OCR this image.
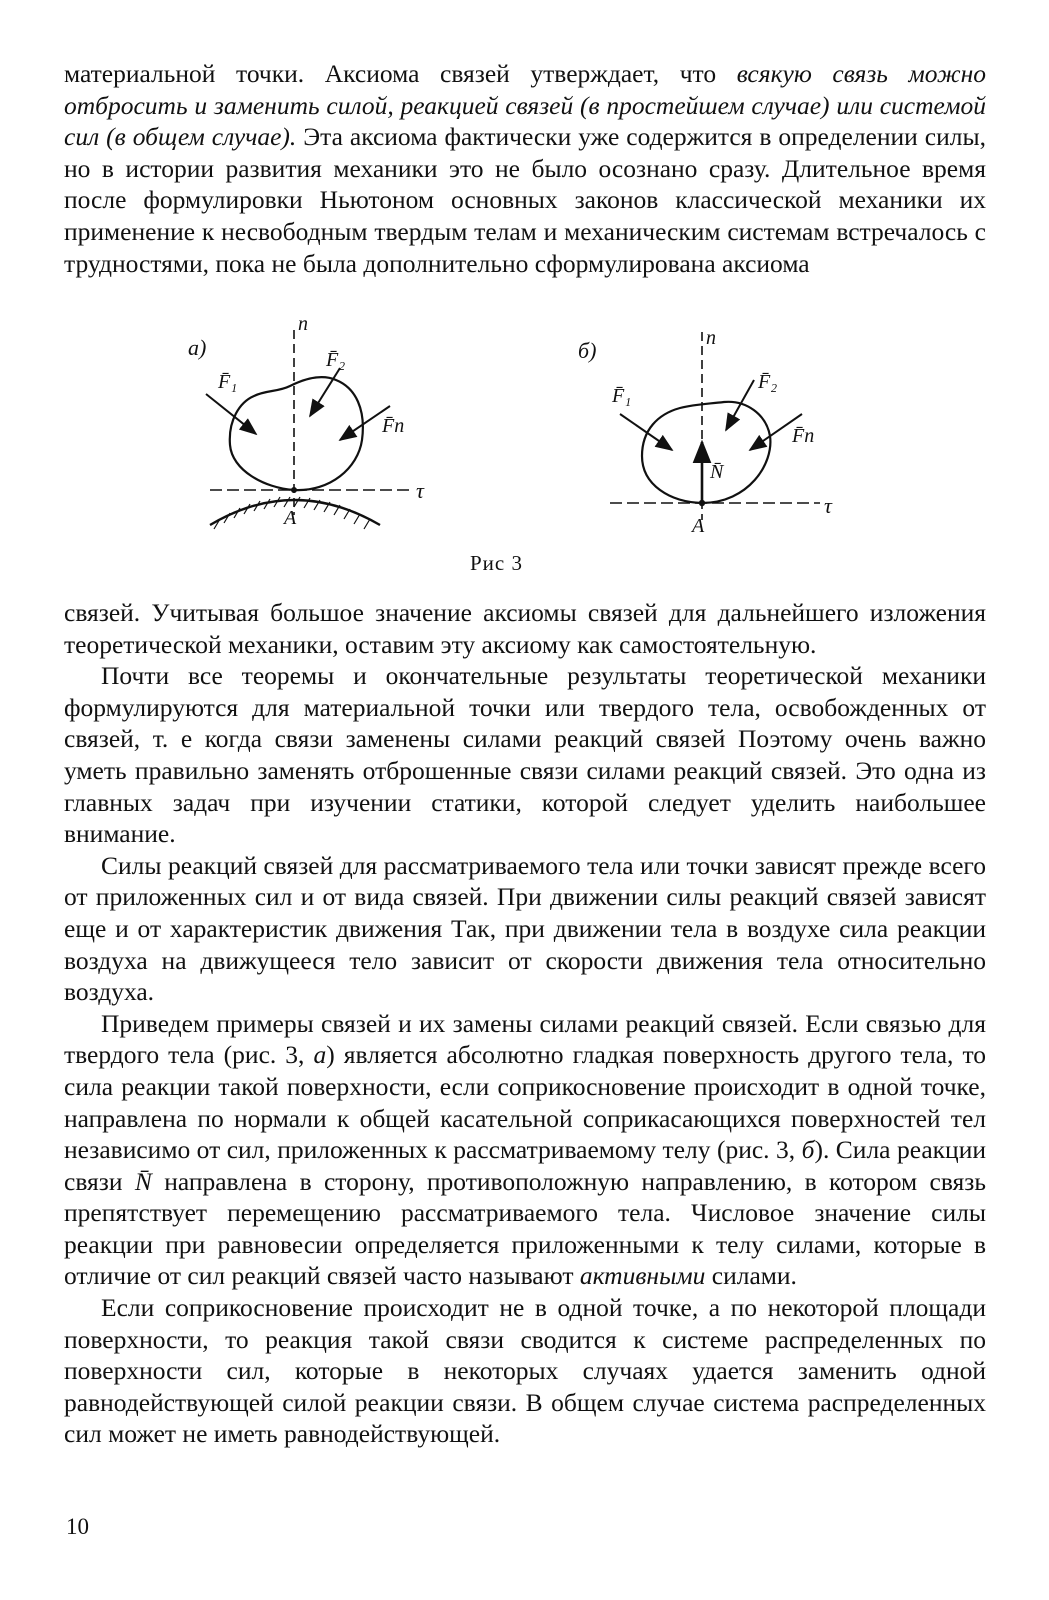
материальной точки. Аксиома связей утверждает, что всякую связь можно отбросить и заменить силой, реакцией связей (в простейшем случае) или системой сил (в общем случае). Эта аксиома фактически уже содержится в определении силы, но в истории развития механики это не было осознано сразу. Длительное время после формулировки Ньютоном основных законов классической механики их применение к несвободным твердым телам и механическим системам встречалось с трудностями, пока не была дополнительно сформулирована аксиома

а)
n
τ
A
F̄₁
F̄₂
F̄n
б)	n
τ
A
N̄
F̄₁
F̄₂
F̄n
Рис 3

связей. Учитывая большое значение аксиомы связей для дальнейшего изложения теоретической механики, оставим эту аксиому как самостоятельную.

Почти все теоремы и окончательные результаты теоретической механики формулируются для материальной точки или твердого тела, освобожденных от связей, т. е когда связи заменены силами реакций связей Поэтому очень важно уметь правильно заменять отброшенные связи силами реакций связей. Это одна из главных задач при изучении статики, которой следует уделить наибольшее внимание.

Силы реакций связей для рассматриваемого тела или точки зависят прежде всего от приложенных сил и от вида связей. При движении силы реакций связей зависят еще и от характеристик движения Так, при движении тела в воздухе сила реакции воздуха на движущееся тело зависит от скорости движения тела относительно воздуха.

Приведем примеры связей и их замены силами реакций связей. Если связью для твердого тела (рис. 3, а) является абсолютно гладкая поверхность другого тела, то сила реакции такой поверхности, если соприкосновение происходит в одной точке, направлена по нормали к общей касательной соприкасающихся поверхностей тел независимо от сил, приложенных к рассматриваемому телу (рис. 3, б). Сила реакции связи N̄ направлена в сторону, противоположную направлению, в котором связь препятствует перемещению рассматриваемого тела. Числовое значение силы реакции при равновесии определяется приложенными к телу силами, которые в отличие от сил реакций связей часто называют активными силами.

Если соприкосновение происходит не в одной точке, а по некоторой площади поверхности, то реакция такой связи сводится к системе распределенных по поверхности сил, которые в некоторых случаях удается заменить одной равнодействующей силой реакции связи. В общем случае система распределенных сил может не иметь равнодействующей.

10
